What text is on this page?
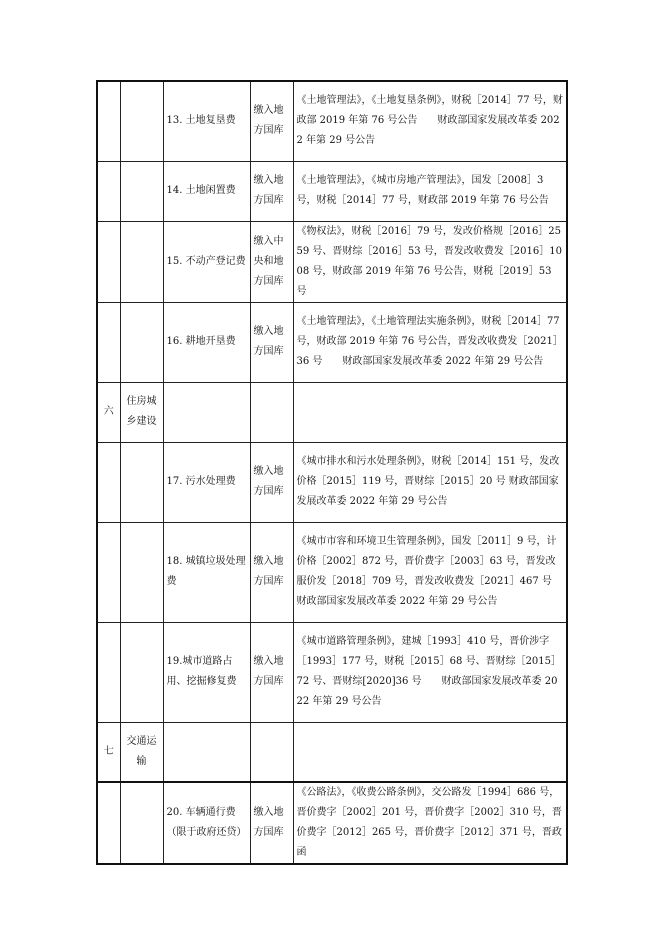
		13. 土地复垦费	缴入地方国库	《土地管理法》，《土地复垦条例》，财税［2014］77 号，财政部 2019 年第 76 号公告　　财政部国家发展改革委 2022 年第 29 号公告
		14. 土地闲置费	缴入地方国库	《土地管理法》，《城市房地产管理法》，国发［2008］3 号，财税［2014］77 号，财政部 2019 年第 76 号公告
		15. 不动产登记费	缴入中央和地方国库	《物权法》，财税［2016］79 号，发改价格规［2016］2559 号、晋财综［2016］53 号，晋发改收费发［2016］1008 号，财政部 2019 年第 76 号公告，财税［2019］53 号
		16. 耕地开垦费	缴入地方国库	《土地管理法》，《土地管理法实施条例》，财税［2014］77 号，财政部 2019 年第 76 号公告，晋发改收费发［2021］36 号　　财政部国家发展改革委 2022 年第 29 号公告
六	住房城乡建设			
		17. 污水处理费	缴入地方国库	《城市排水和污水处理条例》，财税［2014］151 号，发改价格［2015］119 号，晋财综［2015］20 号 财政部国家发展改革委 2022 年第 29 号公告
		18. 城镇垃圾处理费	缴入地方国库	《城市市容和环境卫生管理条例》，国发［2011］9 号，计价格［2002］872 号，晋价费字［2003］63 号，晋发改服价发［2018］709 号，晋发改收费发［2021］467 号　　财政部国家发展改革委 2022 年第 29 号公告
		19.城市道路占用、挖掘修复费	缴入地方国库	《城市道路管理条例》，建城［1993］410 号，晋价涉字［1993］177 号，财税［2015］68 号、晋财综［2015］72 号、晋财综[2020]36 号　　财政部国家发展改革委 2022 年第 29 号公告
七	交通运输			
		20. 车辆通行费（限于政府还贷）	缴入地方国库	《公路法》，《收费公路条例》，交公路发［1994］686 号，晋价费字［2002］201 号，晋价费字［2002］310 号，晋价费字［2012］265 号，晋价费字［2012］371 号，晋政函
